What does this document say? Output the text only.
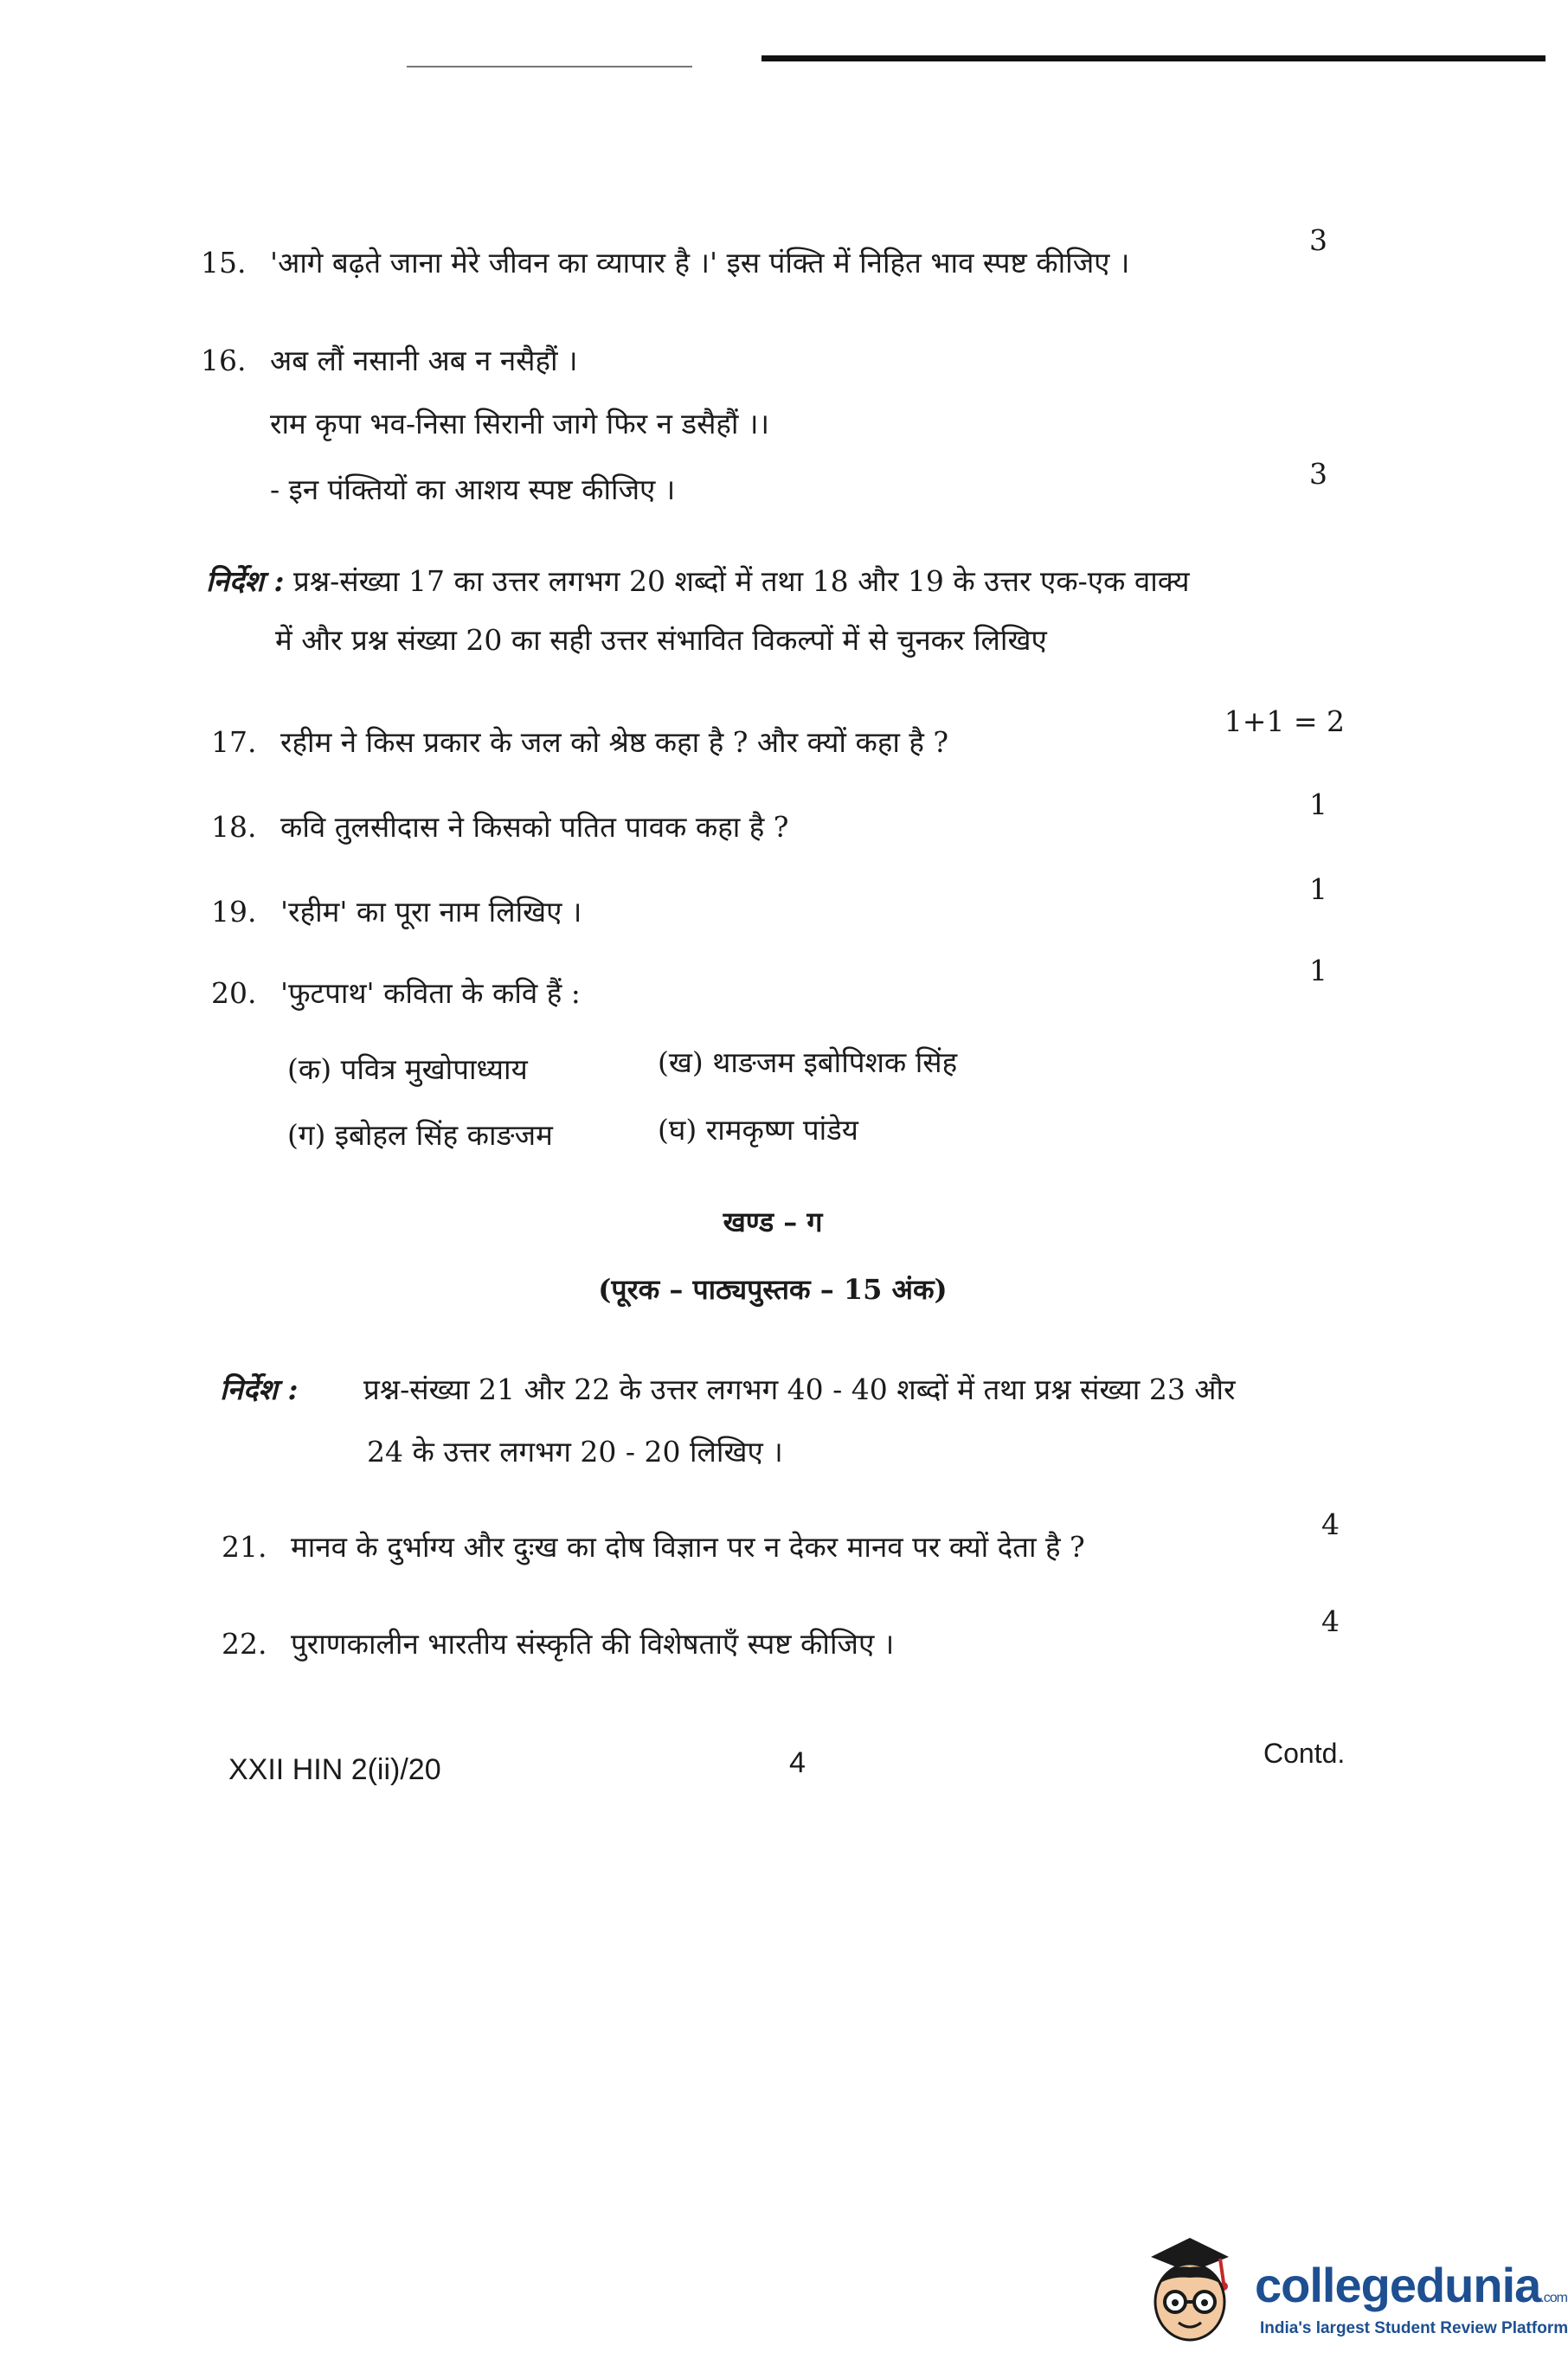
15. 'आगे बढ़ते जाना मेरे जीवन का व्यापार है ।' इस पंक्ति में निहित भाव स्पष्ट कीजिए ।
3
16. अब लौं नसानी अब न नसैहौं ।
राम कृपा भव-निसा सिरानी जागे फिर न डसैहौं ।।
- इन पंक्तियों का आशय स्पष्ट कीजिए ।	3
निर्देश : प्रश्न-संख्या 17 का उत्तर लगभग 20 शब्दों में तथा 18 और 19 के उत्तर एक-एक वाक्य
में और प्रश्न संख्या 20 का सही उत्तर संभावित विकल्पों में से चुनकर लिखिए
17. रहीम ने किस प्रकार के जल को श्रेष्ठ कहा है ? और क्यों कहा है ?
1+1 = 2
18. कवि तुलसीदास ने किसको पतित पावक कहा है ?
1
19. 'रहीम' का पूरा नाम लिखिए ।
1
20. 'फुटपाथ' कविता के कवि हैं :
1
(क) पवित्र मुखोपाध्याय	(ख) थाङजम इबोपिशक सिंह
(ग) इबोहल सिंह काङजम	(घ) रामकृष्ण पांडेय
खण्ड – ग
(पूरक – पाठ्यपुस्तक – 15 अंक)
निर्देश : प्रश्न-संख्या 21 और 22 के उत्तर लगभग 40 - 40 शब्दों में तथा प्रश्न संख्या 23 और
24 के उत्तर लगभग 20 - 20 लिखिए ।
21. मानव के दुर्भाग्य और दुःख का दोष विज्ञान पर न देकर मानव पर क्यों देता है ?
4
22. पुराणकालीन भारतीय संस्कृति की विशेषताएँ स्पष्ट कीजिए ।
4
XXII HIN 2(ii)/20	4	Contd.
collegedunia.com
India's largest Student Review Platform
